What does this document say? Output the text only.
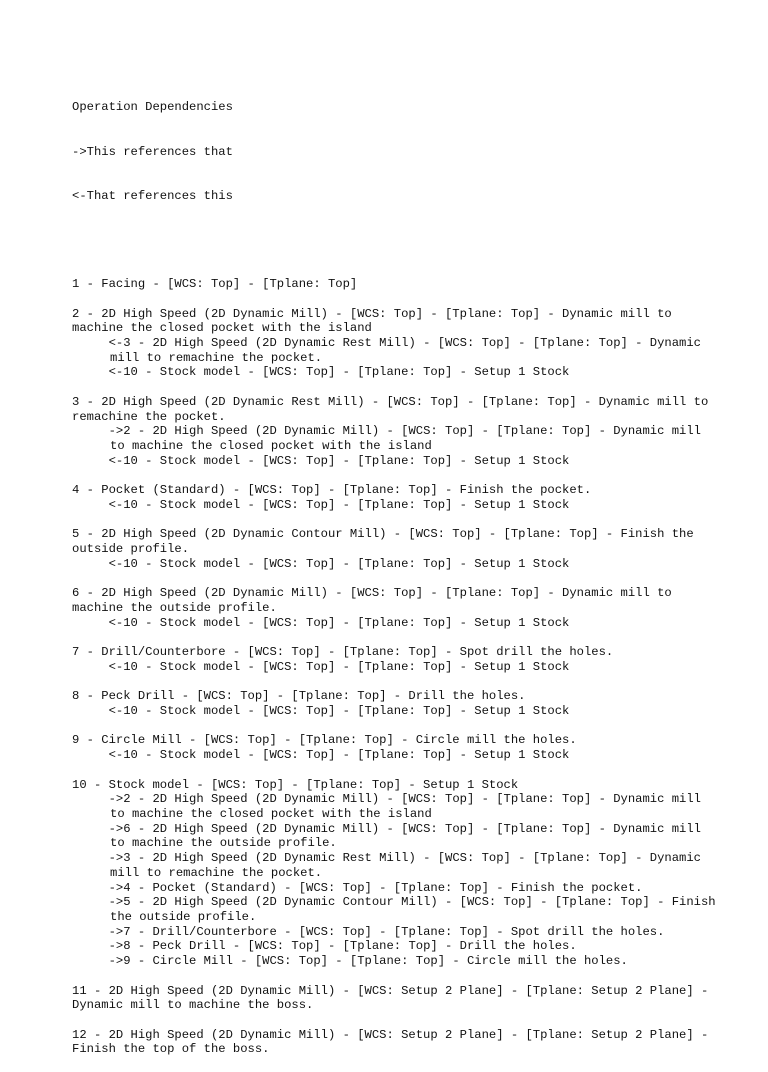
Operation Dependencies

->This references that

<-That references this

1 - Facing - [WCS: Top] - [Tplane: Top]
2 - 2D High Speed (2D Dynamic Mill) - [WCS: Top] - [Tplane: Top] - Dynamic mill to machine the closed pocket with the island
<-3 - 2D High Speed (2D Dynamic Rest Mill) - [WCS: Top] - [Tplane: Top] - Dynamic mill to remachine the pocket.
<-10 - Stock model - [WCS: Top] - [Tplane: Top] - Setup 1 Stock
3 - 2D High Speed (2D Dynamic Rest Mill) - [WCS: Top] - [Tplane: Top] - Dynamic mill to remachine the pocket.
->2 - 2D High Speed (2D Dynamic Mill) - [WCS: Top] - [Tplane: Top] - Dynamic mill to machine the closed pocket with the island
<-10 - Stock model - [WCS: Top] - [Tplane: Top] - Setup 1 Stock
4 - Pocket (Standard) - [WCS: Top] - [Tplane: Top] - Finish the pocket.
<-10 - Stock model - [WCS: Top] - [Tplane: Top] - Setup 1 Stock
5 - 2D High Speed (2D Dynamic Contour Mill) - [WCS: Top] - [Tplane: Top] - Finish the outside profile.
<-10 - Stock model - [WCS: Top] - [Tplane: Top] - Setup 1 Stock
6 - 2D High Speed (2D Dynamic Mill) - [WCS: Top] - [Tplane: Top] - Dynamic mill to machine the outside profile.
<-10 - Stock model - [WCS: Top] - [Tplane: Top] - Setup 1 Stock
7 - Drill/Counterbore - [WCS: Top] - [Tplane: Top] - Spot drill the holes.
<-10 - Stock model - [WCS: Top] - [Tplane: Top] - Setup 1 Stock
8 - Peck Drill - [WCS: Top] - [Tplane: Top] - Drill the holes.
<-10 - Stock model - [WCS: Top] - [Tplane: Top] - Setup 1 Stock
9 - Circle Mill - [WCS: Top] - [Tplane: Top] - Circle mill the holes.
<-10 - Stock model - [WCS: Top] - [Tplane: Top] - Setup 1 Stock
10 - Stock model - [WCS: Top] - [Tplane: Top] - Setup 1 Stock
->2 - 2D High Speed (2D Dynamic Mill) - [WCS: Top] - [Tplane: Top] - Dynamic mill to machine the closed pocket with the island
->6 - 2D High Speed (2D Dynamic Mill) - [WCS: Top] - [Tplane: Top] - Dynamic mill to machine the outside profile.
->3 - 2D High Speed (2D Dynamic Rest Mill) - [WCS: Top] - [Tplane: Top] - Dynamic mill to remachine the pocket.
->4 - Pocket (Standard) - [WCS: Top] - [Tplane: Top] - Finish the pocket.
->5 - 2D High Speed (2D Dynamic Contour Mill) - [WCS: Top] - [Tplane: Top] - Finish the outside profile.
->7 - Drill/Counterbore - [WCS: Top] - [Tplane: Top] - Spot drill the holes.
->8 - Peck Drill - [WCS: Top] - [Tplane: Top] - Drill the holes.
->9 - Circle Mill - [WCS: Top] - [Tplane: Top] - Circle mill the holes.
11 - 2D High Speed (2D Dynamic Mill) - [WCS: Setup 2 Plane] - [Tplane: Setup 2 Plane] - Dynamic mill to machine the boss.
12 - 2D High Speed (2D Dynamic Mill) - [WCS: Setup 2 Plane] - [Tplane: Setup 2 Plane] - Finish the top of the boss.
